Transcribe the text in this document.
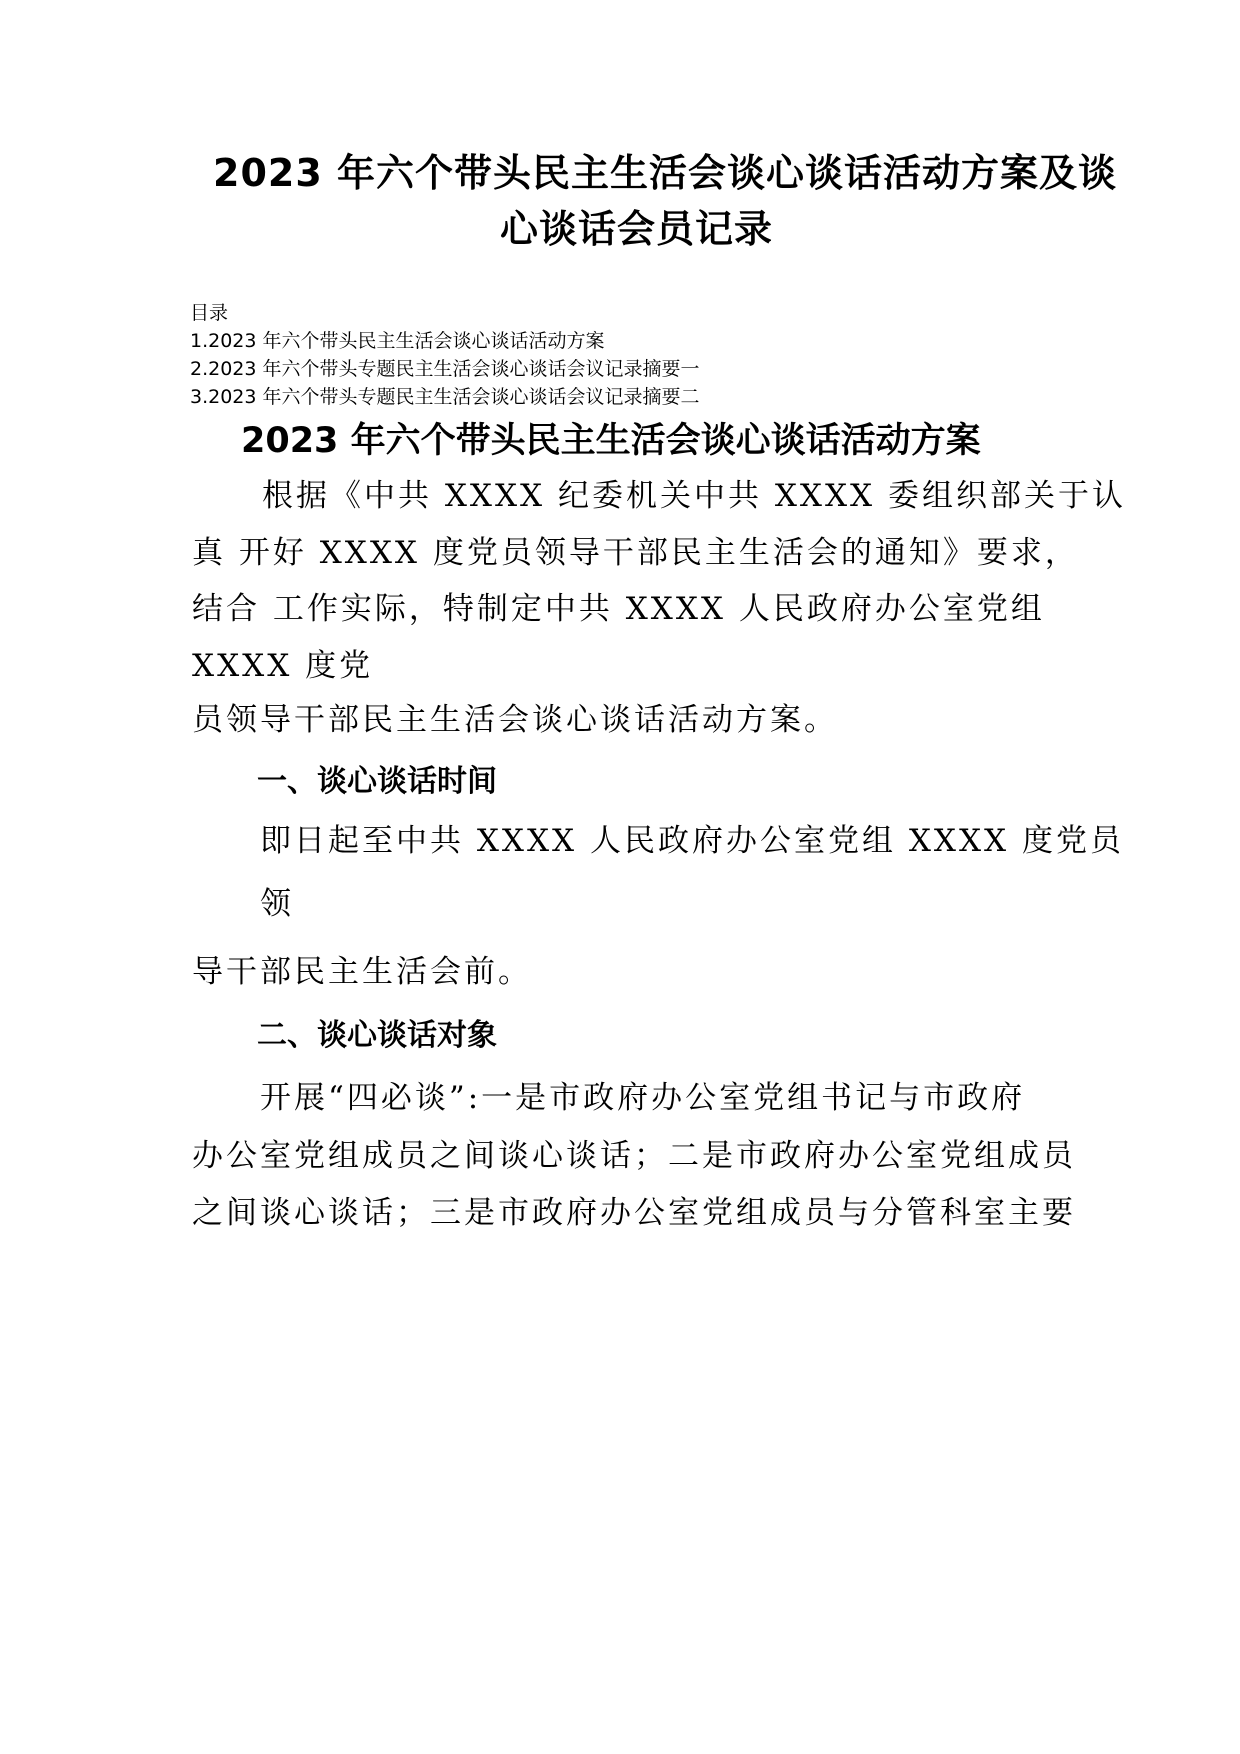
2023 年六个带头民主生活会谈心谈话活动方案及谈
心谈话会员记录
目录
1.2023 年六个带头民主生活会谈心谈话活动方案
2.2023 年六个带头专题民主生活会谈心谈话会议记录摘要一
3.2023 年六个带头专题民主生活会谈心谈话会议记录摘要二
2023 年六个带头民主生活会谈心谈话活动方案
根据《中共 XXXX 纪委机关中共 XXXX 委组织部关于认
真 开好 XXXX 度党员领导干部民主生活会的通知》要求，
结合 工作实际，特制定中共 XXXX 人民政府办公室党组
XXXX 度党
员领导干部民主生活会谈心谈话活动方案。
一、谈心谈话时间
即日起至中共 XXXX 人民政府办公室党组 XXXX 度党员
领
导干部民主生活会前。
二、谈心谈话对象
开展“四必谈”:一是市政府办公室党组书记与市政府
办公室党组成员之间谈心谈话；二是市政府办公室党组成员
之间谈心谈话；三是市政府办公室党组成员与分管科室主要
